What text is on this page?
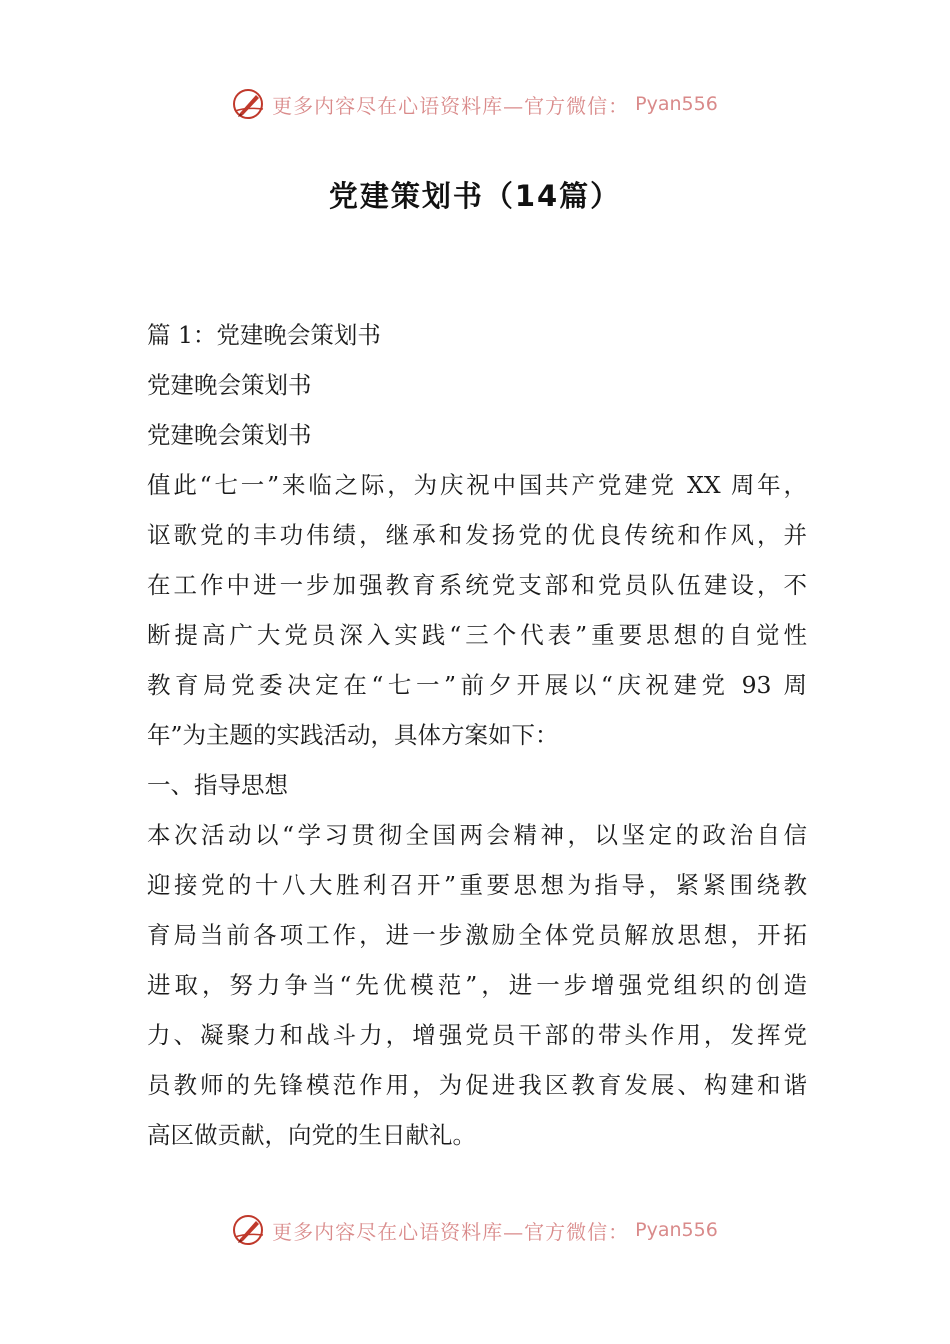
更多内容尽在心语资料库—官方微信： Pyan556
党建策划书（14篇）
篇 1：党建晚会策划书
党建晚会策划书
党建晚会策划书
值此“七一”来临之际，为庆祝中国共产党建党 XX 周年，
讴歌党的丰功伟绩，继承和发扬党的优良传统和作风，并
在工作中进一步加强教育系统党支部和党员队伍建设，不
断提高广大党员深入实践“三个代表”重要思想的自觉性
教育局党委决定在“七一”前夕开展以“庆祝建党 93 周
年”为主题的实践活动，具体方案如下：
一、指导思想
本次活动以“学习贯彻全国两会精神，以坚定的政治自信
迎接党的十八大胜利召开”重要思想为指导，紧紧围绕教
育局当前各项工作，进一步激励全体党员解放思想，开拓
进取，努力争当“先优模范”，进一步增强党组织的创造
力、凝聚力和战斗力，增强党员干部的带头作用，发挥党
员教师的先锋模范作用，为促进我区教育发展、构建和谐
高区做贡献，向党的生日献礼。
更多内容尽在心语资料库—官方微信： Pyan556
